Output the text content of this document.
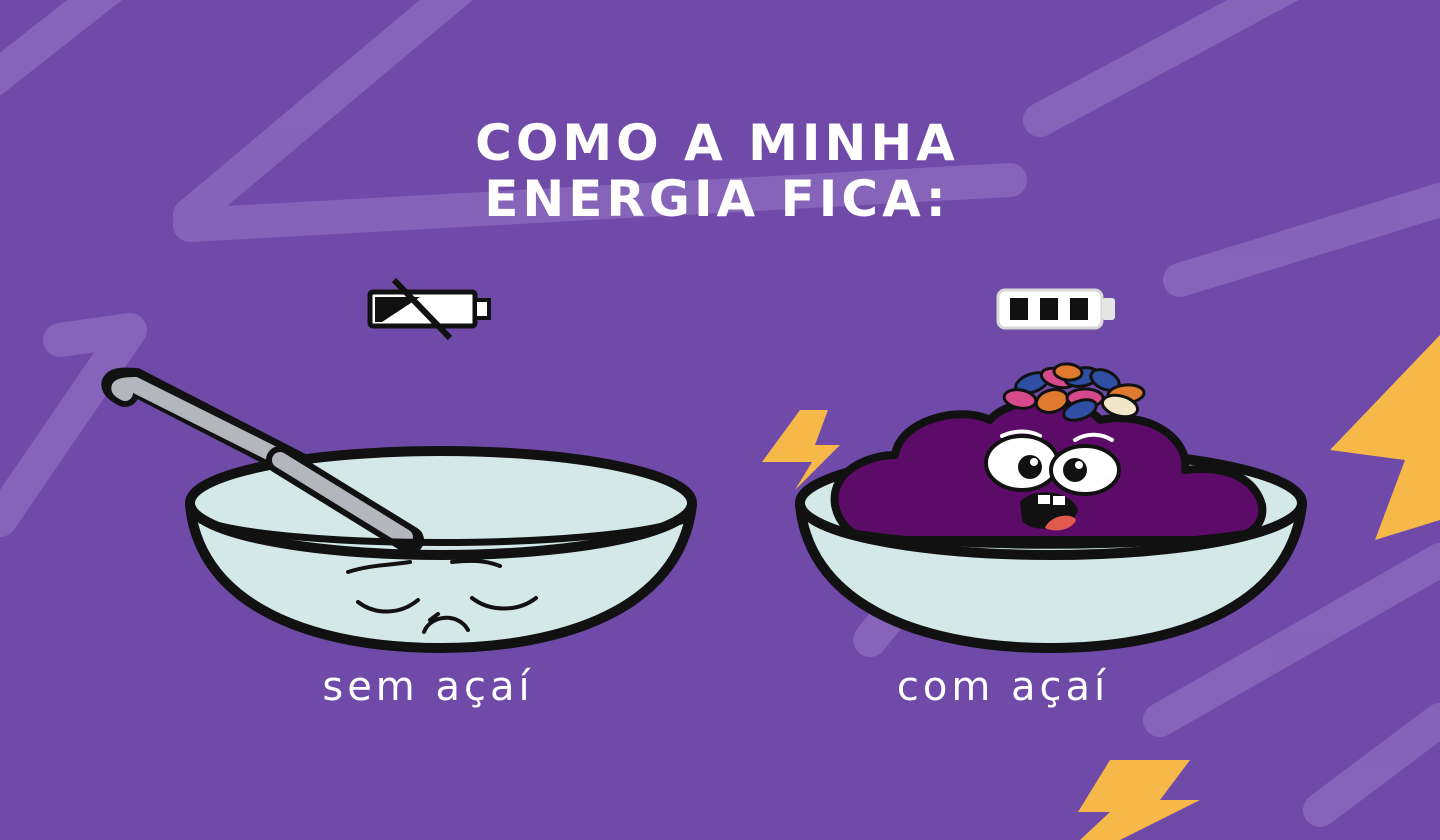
COMO A MINHA
ENERGIA FICA:
sem açaí	com açaí
